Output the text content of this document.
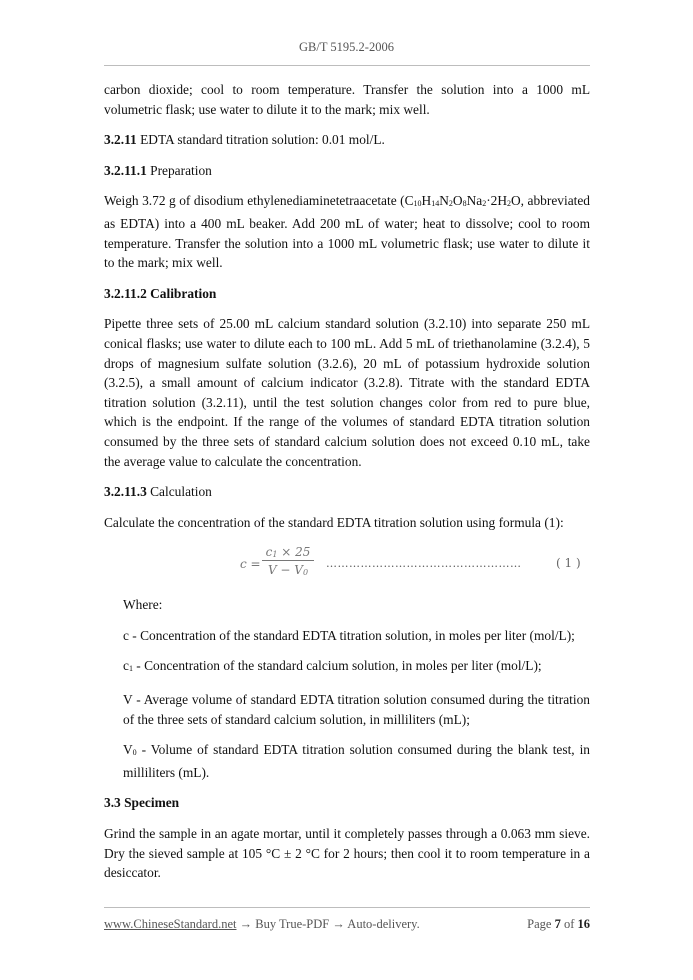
GB/T 5195.2-2006

carbon dioxide; cool to room temperature. Transfer the solution into a 1000 mL volumetric flask; use water to dilute it to the mark; mix well.

3.2.11 EDTA standard titration solution: 0.01 mol/L.

3.2.11.1 Preparation

Weigh 3.72 g of disodium ethylenediaminetetraacetate (C10H14N2O8Na2·2H2O, abbreviated as EDTA) into a 400 mL beaker. Add 200 mL of water; heat to dissolve; cool to room temperature. Transfer the solution into a 1000 mL volumetric flask; use water to dilute it to the mark; mix well.

3.2.11.2 Calibration

Pipette three sets of 25.00 mL calcium standard solution (3.2.10) into separate 250 mL conical flasks; use water to dilute each to 100 mL. Add 5 mL of triethanolamine (3.2.4), 5 drops of magnesium sulfate solution (3.2.6), 20 mL of potassium hydroxide solution (3.2.5), a small amount of calcium indicator (3.2.8). Titrate with the standard EDTA titration solution (3.2.11), until the test solution changes color from red to pure blue, which is the endpoint. If the range of the volumes of standard EDTA titration solution consumed by the three sets of standard calcium solution does not exceed 0.10 mL, take the average value to calculate the concentration.

3.2.11.3 Calculation

Calculate the concentration of the standard EDTA titration solution using formula (1):

$c = \frac{c1 \times 25}{V - V0}$ ……………………………………………	( 1 )

Where:

c - Concentration of the standard EDTA titration solution, in moles per liter (mol/L);

c1 - Concentration of the standard calcium solution, in moles per liter (mol/L);

V - Average volume of standard EDTA titration solution consumed during the titration of the three sets of standard calcium solution, in milliliters (mL);

V0 - Volume of standard EDTA titration solution consumed during the blank test, in milliliters (mL).

3.3 Specimen

Grind the sample in an agate mortar, until it completely passes through a 0.063 mm sieve. Dry the sieved sample at 105 °C ± 2 °C for 2 hours; then cool it to room temperature in a desiccator.

www.ChineseStandard.net → Buy True-PDF → Auto-delivery.	Page 7 of 16
